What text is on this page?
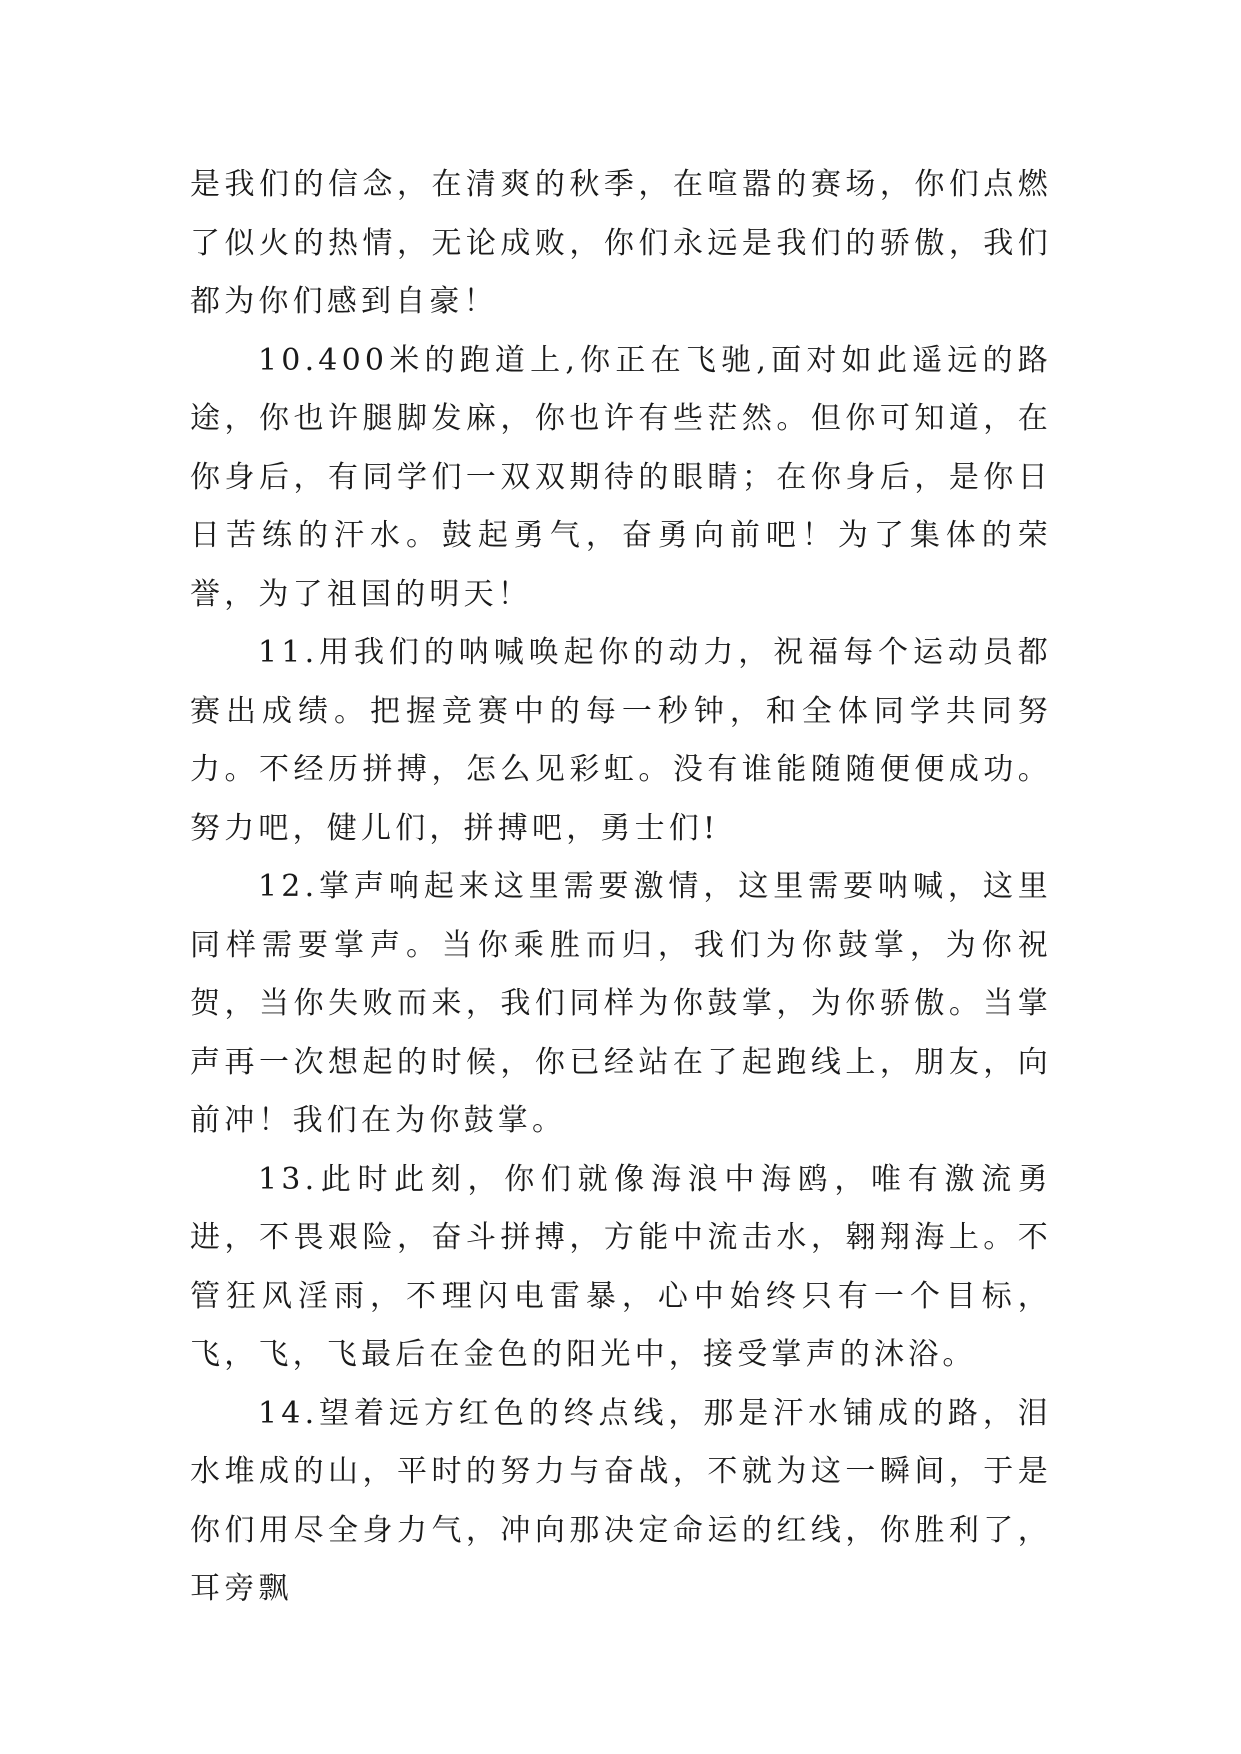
是我们的信念，在清爽的秋季，在喧嚣的赛场，你们点燃了似火的热情，无论成败，你们永远是我们的骄傲，我们都为你们感到自豪！

10.400米的跑道上,你正在飞驰,面对如此遥远的路途，你也许腿脚发麻，你也许有些茫然。但你可知道，在你身后，有同学们一双双期待的眼睛；在你身后，是你日日苦练的汗水。鼓起勇气，奋勇向前吧！为了集体的荣誉，为了祖国的明天！

11.用我们的呐喊唤起你的动力，祝福每个运动员都赛出成绩。把握竞赛中的每一秒钟，和全体同学共同努力。不经历拼搏，怎么见彩虹。没有谁能随随便便成功。努力吧，健儿们，拼搏吧，勇士们!

12.掌声响起来这里需要激情，这里需要呐喊，这里同样需要掌声。当你乘胜而归，我们为你鼓掌，为你祝贺，当你失败而来，我们同样为你鼓掌，为你骄傲。当掌声再一次想起的时候，你已经站在了起跑线上，朋友，向前冲！我们在为你鼓掌。

13.此时此刻，你们就像海浪中海鸥，唯有激流勇进，不畏艰险，奋斗拼搏，方能中流击水，翱翔海上。不管狂风淫雨，不理闪电雷暴，心中始终只有一个目标，飞，飞，飞最后在金色的阳光中，接受掌声的沐浴。

14.望着远方红色的终点线，那是汗水铺成的路，泪水堆成的山，平时的努力与奋战，不就为这一瞬间，于是你们用尽全身力气，冲向那决定命运的红线，你胜利了，耳旁飘
